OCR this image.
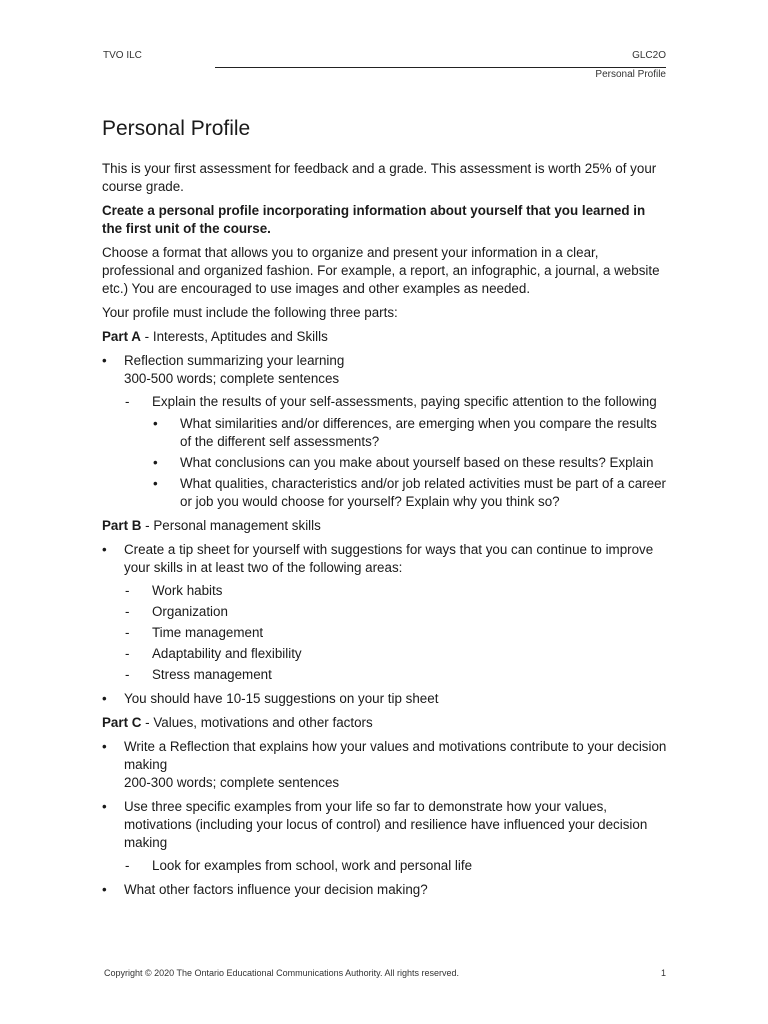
TVO ILC	GLC2O
Personal Profile
Personal Profile

This is your first assessment for feedback and a grade. This assessment is worth 25% of your course grade.

Create a personal profile incorporating information about yourself that you learned in the first unit of the course.

Choose a format that allows you to organize and present your information in a clear, professional and organized fashion. For example, a report, an infographic, a journal, a website etc.) You are encouraged to use images and other examples as needed.

Your profile must include the following three parts:

Part A - Interests, Aptitudes and Skills

• Reflection summarizing your learning
300-500 words; complete sentences
- Explain the results of your self-assessments, paying specific attention to the following
• What similarities and/or differences, are emerging when you compare the results of the different self assessments?
• What conclusions can you make about yourself based on these results? Explain
• What qualities, characteristics and/or job related activities must be part of a career or job you would choose for yourself? Explain why you think so?

Part B - Personal management skills

• Create a tip sheet for yourself with suggestions for ways that you can continue to improve your skills in at least two of the following areas:
- Work habits
- Organization
- Time management
- Adaptability and flexibility
- Stress management
• You should have 10-15 suggestions on your tip sheet

Part C - Values, motivations and other factors

• Write a Reflection that explains how your values and motivations contribute to your decision making
200-300 words; complete sentences
• Use three specific examples from your life so far to demonstrate how your values, motivations (including your locus of control) and resilience have influenced your decision making
- Look for examples from school, work and personal life
• What other factors influence your decision making?
Copyright © 2020 The Ontario Educational Communications Authority. All rights reserved.	1
